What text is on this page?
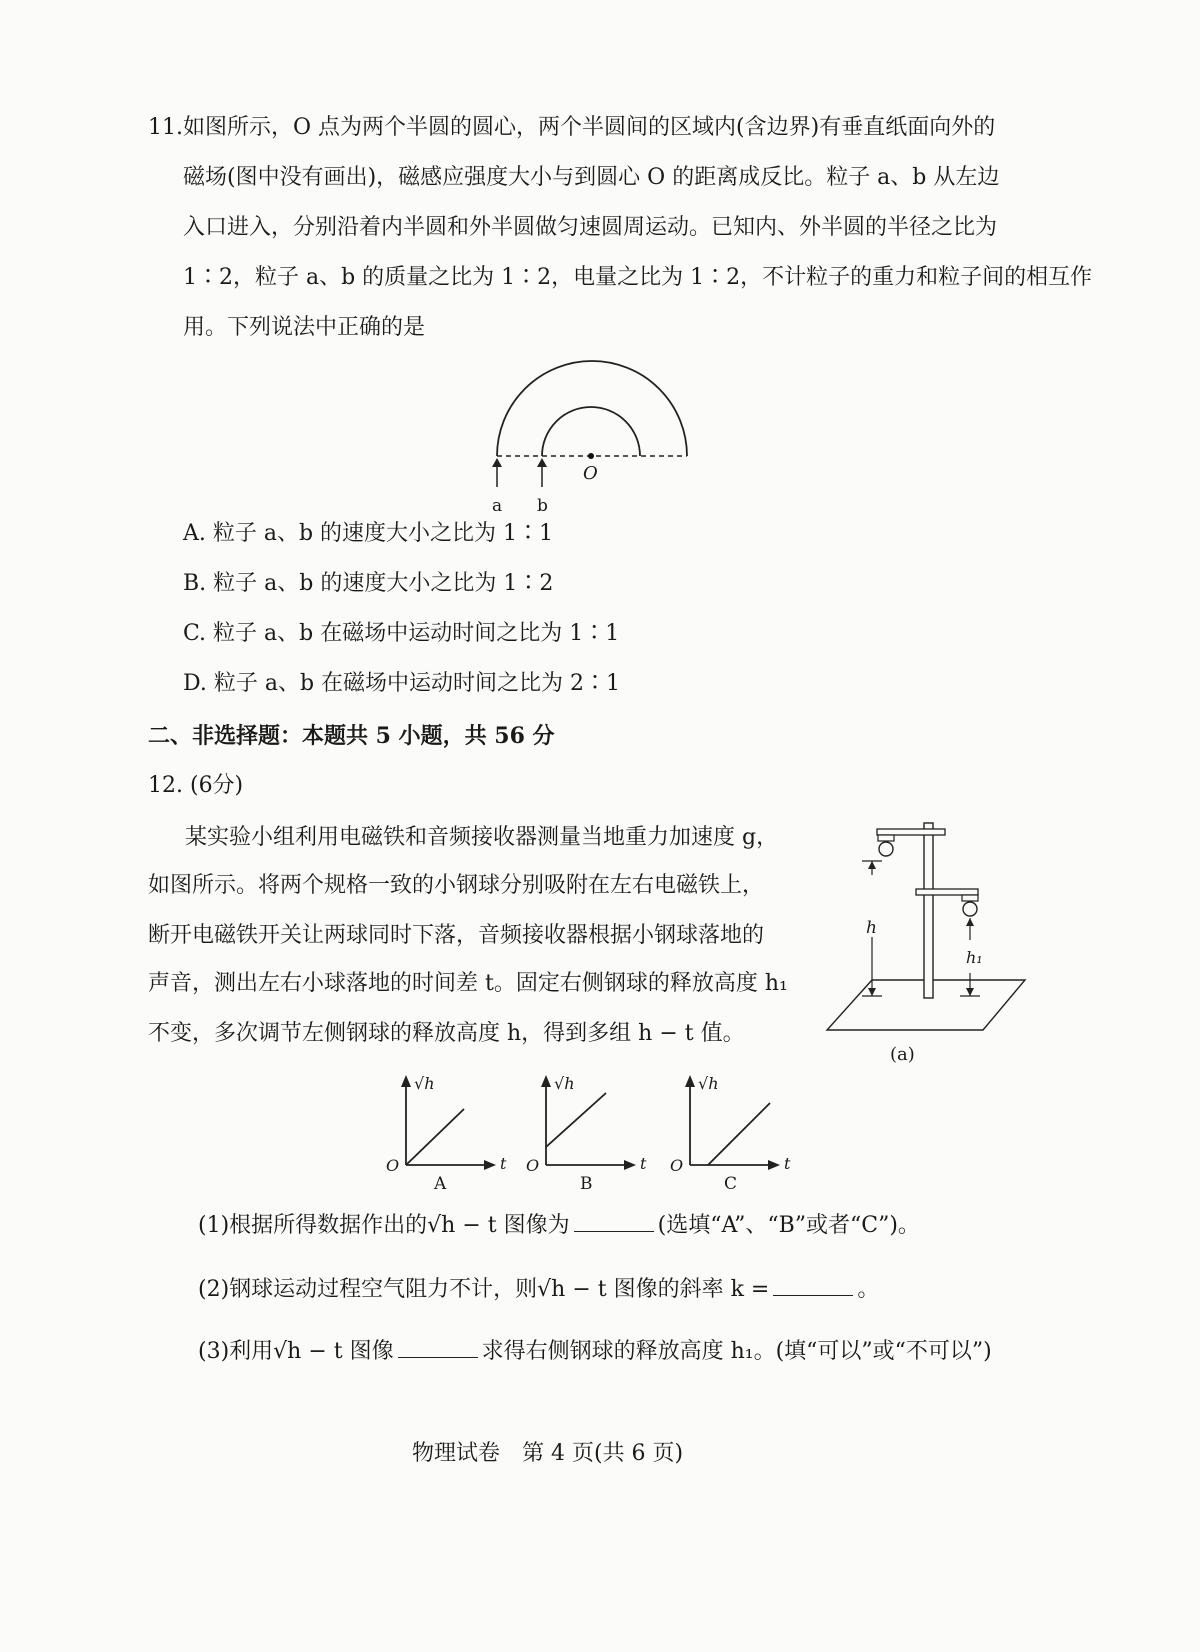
11. 如图所示，O 点为两个半圆的圆心，两个半圆间的区域内(含边界)有垂直纸面向外的
磁场(图中没有画出)，磁感应强度大小与到圆心 O 的距离成反比。粒子 a、b 从左边
入口进入，分别沿着内半圆和外半圆做匀速圆周运动。已知内、外半圆的半径之比为
1∶2，粒子 a、b 的质量之比为 1∶2，电量之比为 1∶2，不计粒子的重力和粒子间的相互作
用。下列说法中正确的是
O
a b
A. 粒子 a、b 的速度大小之比为 1∶1
B. 粒子 a、b 的速度大小之比为 1∶2
C. 粒子 a、b 在磁场中运动时间之比为 1∶1
D. 粒子 a、b 在磁场中运动时间之比为 2∶1
二、非选择题：本题共 5 小题，共 56 分
12. (6分)
某实验小组利用电磁铁和音频接收器测量当地重力加速度 g，
如图所示。将两个规格一致的小钢球分别吸附在左右电磁铁上，
断开电磁铁开关让两球同时下落，音频接收器根据小钢球落地的
声音，测出左右小球落地的时间差 t。固定右侧钢球的释放高度 h₁
不变，多次调节左侧钢球的释放高度 h，得到多组 h − t 值。
h
h₁
(a)
√h
t
O
A
√h
t
O
B
√h
t
O
C
(1)根据所得数据作出的√h − t 图像为	(选填“A”、“B”或者“C”)。
(2)钢球运动过程空气阻力不计，则√h − t 图像的斜率 k =	。
(3)利用√h − t 图像	求得右侧钢球的释放高度 h₁。(填“可以”或“不可以”)
物理试卷　第 4 页(共 6 页)
